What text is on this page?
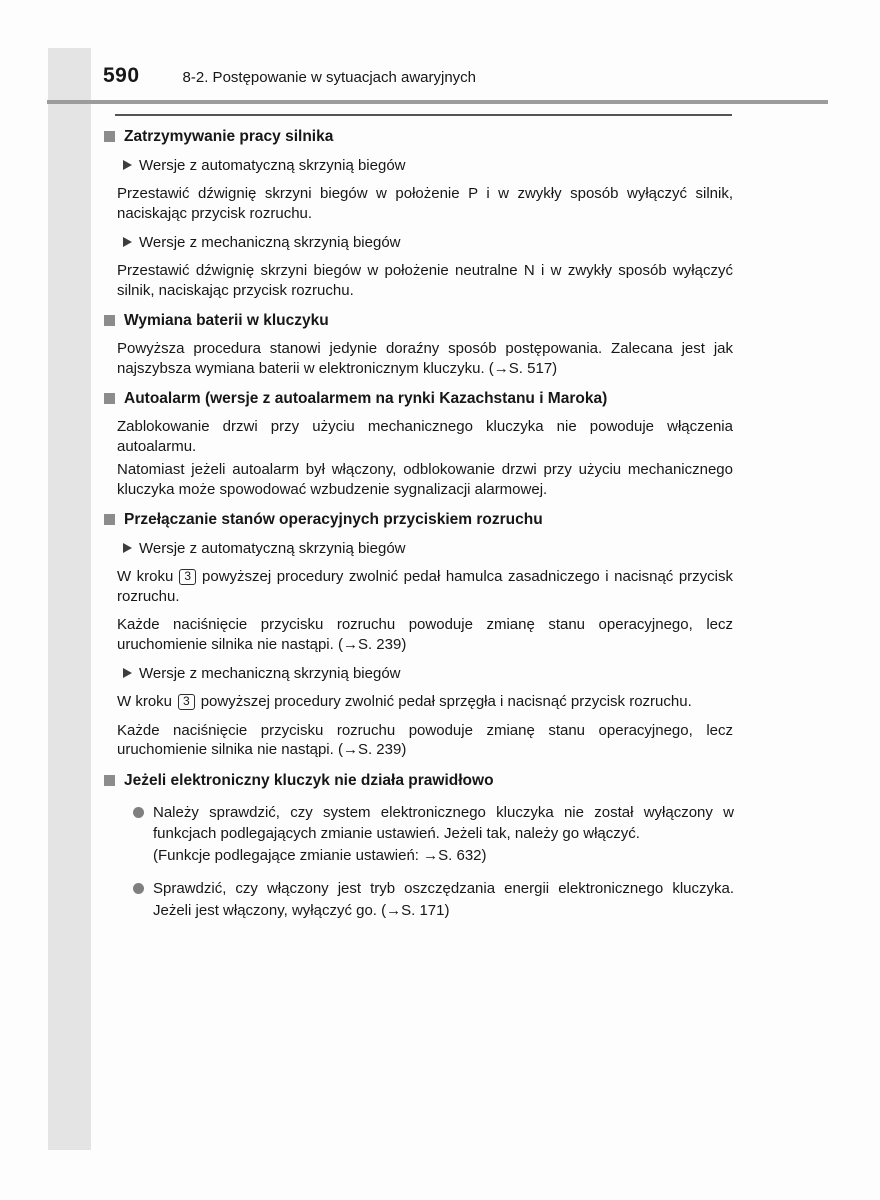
590	8-2. Postępowanie w sytuacjach awaryjnych
Zatrzymywanie pracy silnika
Wersje z automatyczną skrzynią biegów

Przestawić dźwignię skrzyni biegów w położenie P i w zwykły sposób wyłączyć silnik, naciskając przycisk rozruchu.

Wersje z mechaniczną skrzynią biegów

Przestawić dźwignię skrzyni biegów w położenie neutralne N i w zwykły sposób wyłączyć silnik, naciskając przycisk rozruchu.

Wymiana baterii w kluczyku

Powyższa procedura stanowi jedynie doraźny sposób postępowania. Zalecana jest jak najszybsza wymiana baterii w elektronicznym kluczyku. (→S. 517)

Autoalarm (wersje z autoalarmem na rynki Kazachstanu i Maroka)

Zablokowanie drzwi przy użyciu mechanicznego kluczyka nie powoduje włączenia autoalarmu.

Natomiast jeżeli autoalarm był włączony, odblokowanie drzwi przy użyciu mechanicznego kluczyka może spowodować wzbudzenie sygnalizacji alarmowej.

Przełączanie stanów operacyjnych przyciskiem rozruchu
Wersje z automatyczną skrzynią biegów

W kroku 3 powyższej procedury zwolnić pedał hamulca zasadniczego i nacisnąć przycisk rozruchu.

Każde naciśnięcie przycisku rozruchu powoduje zmianę stanu operacyjnego, lecz uruchomienie silnika nie nastąpi. (→S. 239)

Wersje z mechaniczną skrzynią biegów

W kroku 3 powyższej procedury zwolnić pedał sprzęgła i nacisnąć przycisk rozruchu.

Każde naciśnięcie przycisku rozruchu powoduje zmianę stanu operacyjnego, lecz uruchomienie silnika nie nastąpi. (→S. 239)

Jeżeli elektroniczny kluczyk nie działa prawidłowo
Należy sprawdzić, czy system elektronicznego kluczyka nie został wyłączony w funkcjach podlegających zmianie ustawień. Jeżeli tak, należy go włączyć.
(Funkcje podlegające zmianie ustawień: →S. 632)
Sprawdzić, czy włączony jest tryb oszczędzania energii elektronicznego kluczyka. Jeżeli jest włączony, wyłączyć go. (→S. 171)
